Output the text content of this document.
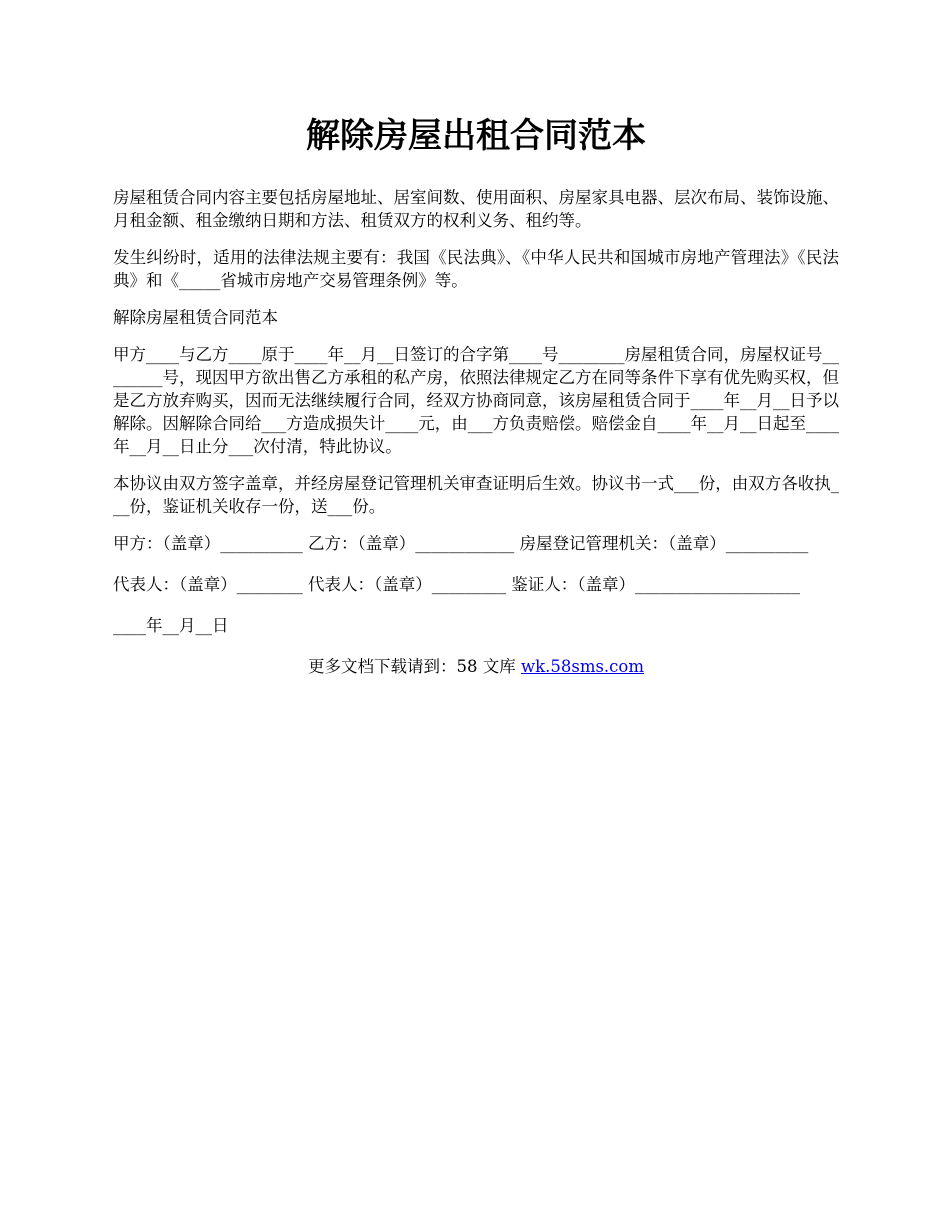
解除房屋出租合同范本

房屋租赁合同内容主要包括房屋地址、居室间数、使用面积、房屋家具电器、层次布局、装饰设施、月租金额、租金缴纳日期和方法、租赁双方的权利义务、租约等。

发生纠纷时，适用的法律法规主要有：我国《民法典》、《中华人民共和国城市房地产管理法》《民法典》和《_____省城市房地产交易管理条例》等。

解除房屋租赁合同范本

甲方____与乙方____原于____年__月__日签订的合字第____号________房屋租赁合同，房屋权证号________号，现因甲方欲出售乙方承租的私产房，依照法律规定乙方在同等条件下享有优先购买权，但是乙方放弃购买，因而无法继续履行合同，经双方协商同意，该房屋租赁合同于____年__月__日予以解除。因解除合同给___方造成损失计____元，由___方负责赔偿。赔偿金自____年__月__日起至____年__月__日止分___次付清，特此协议。

本协议由双方签字盖章，并经房屋登记管理机关审查证明后生效。协议书一式___份，由双方各收执___份，鉴证机关收存一份，送___份。

甲方：（盖章）__________ 乙方：（盖章）____________ 房屋登记管理机关：（盖章）__________

代表人：（盖章）________ 代表人：（盖章）_________ 鉴证人：（盖章）____________________

____年__月__日

更多文档下载请到：58 文库 wk.58sms.com
